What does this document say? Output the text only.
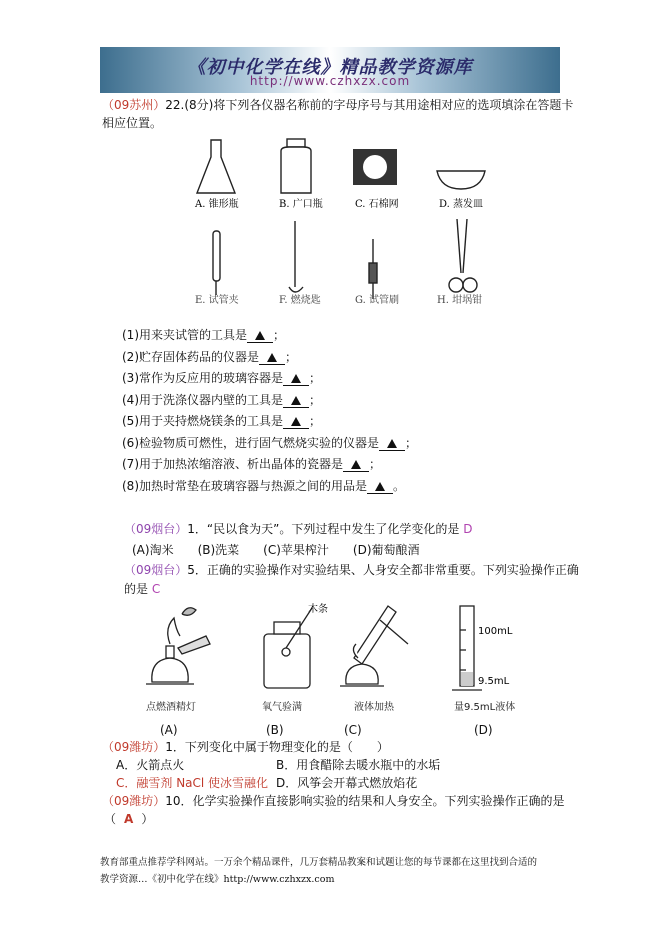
《初中化学在线》精品教学资源库
http://www.czhxzx.com
（09苏州）22.(8分)将下列各仪器名称前的字母序号与其用途相对应的选项填涂在答题卡
相应位置。
A. 锥形瓶	B. 广口瓶	C. 石棉网	D. 蒸发皿
E. 试管夹	F. 燃烧匙	G. 试管刷	H. 坩埚钳
(1)用来夹试管的工具是 ；
(2)贮存固体药品的仪器是 ；
(3)常作为反应用的玻璃容器是 ；
(4)用于洗涤仪器内壁的工具是 ；
(5)用于夹持燃烧镁条的工具是 ；
(6)检验物质可燃性，进行固气燃烧实验的仪器是 ；
(7)用于加热浓缩溶液、析出晶体的瓷器是 ；
(8)加热时常垫在玻璃容器与热源之间的用品是 。
（09烟台）1．“民以食为天”。下列过程中发生了化学变化的是 D
(A)淘米　　(B)洗菜　　(C)苹果榨汁　　(D)葡萄酿酒
（09烟台）5．正确的实验操作对实验结果、人身安全都非常重要。下列实验操作正确
的是 C
木条
100mL
9.5mL
点燃酒精灯	氧气验满	液体加热	量9.5mL液体
(A)	(B)	(C)	(D)
（09潍坊）1．下列变化中属于物理变化的是（　　）
A．火箭点火	B．用食醋除去暖水瓶中的水垢
C．融雪剂 NaCl 使冰雪融化 D．风筝会开幕式燃放焰花
（09潍坊）10．化学实验操作直接影响实验的结果和人身安全。下列实验操作正确的是
（ A ）
教育部重点推荐学科网站。一万余个精品课件，几万套精品教案和试题让您的每节课都在这里找到合适的
教学资源…《初中化学在线》http://www.czhxzx.com
